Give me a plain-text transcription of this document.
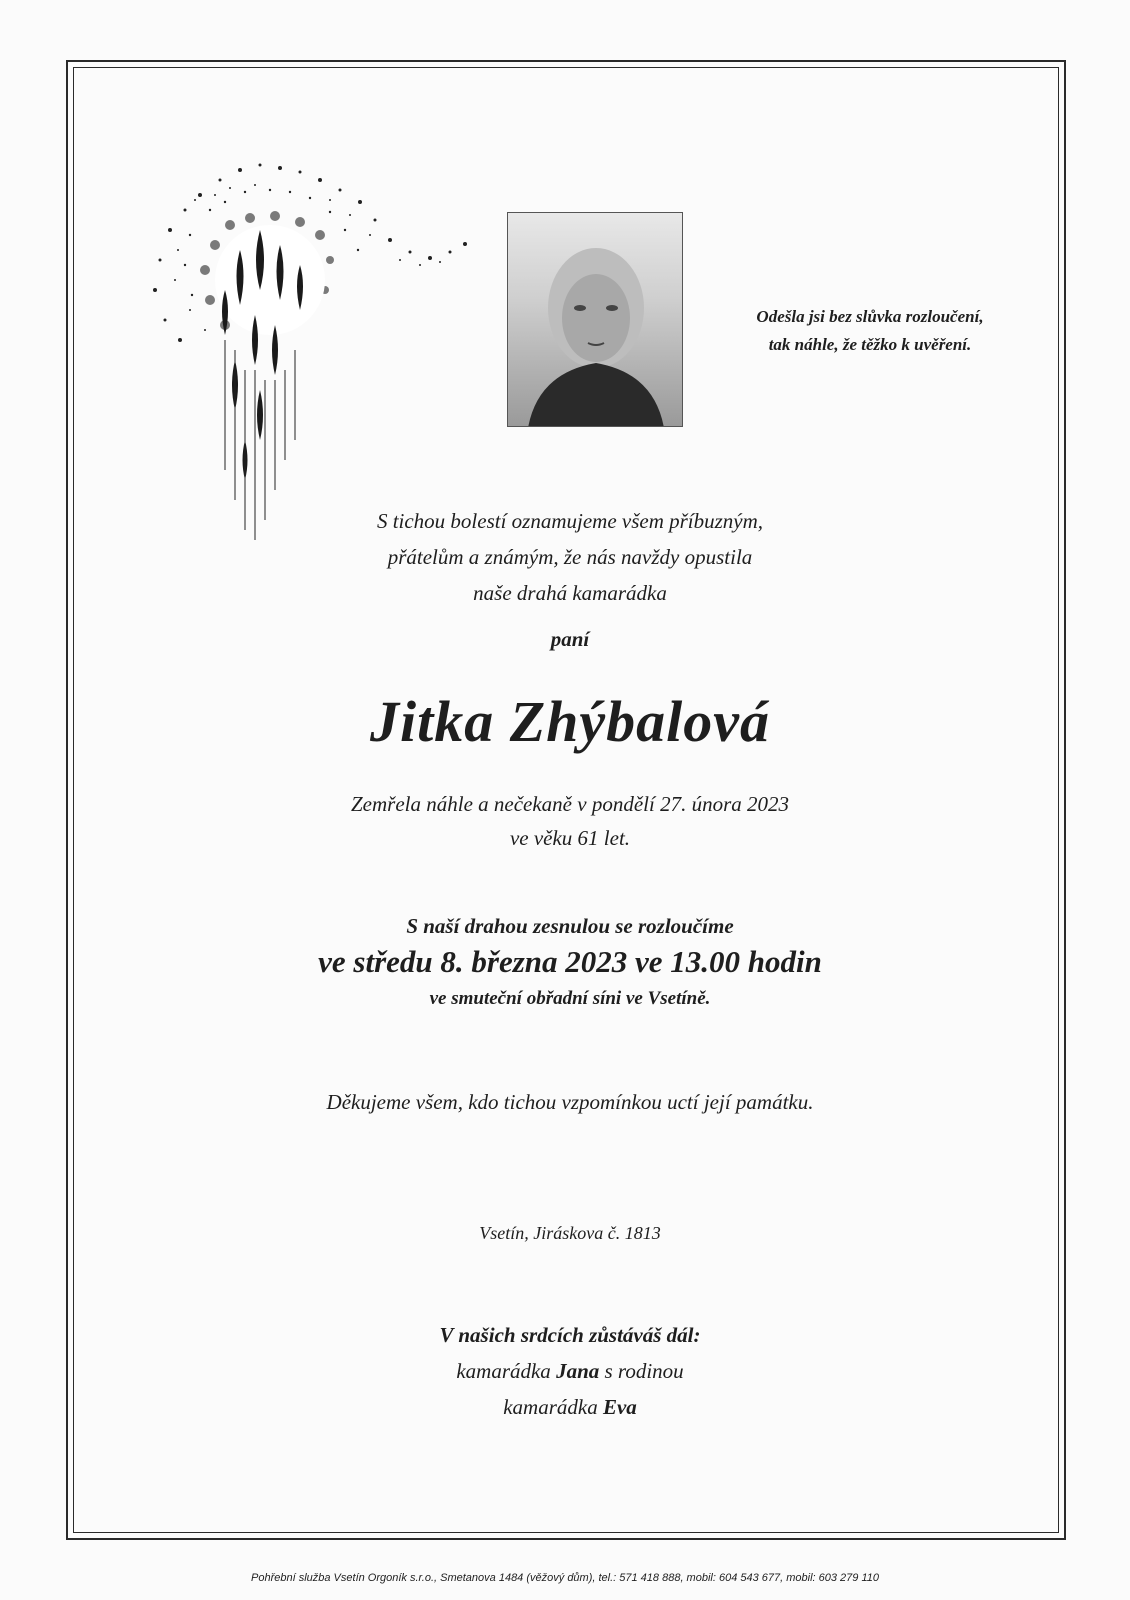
Odešla jsi bez slůvka rozloučení,
tak náhle, že těžko k uvěření.
S tichou bolestí oznamujeme všem příbuzným,
přátelům a známým, že nás navždy opustila
naše drahá kamarádka
paní
Jitka Zhýbalová
Zemřela náhle a nečekaně v pondělí 27. února 2023
ve věku 61 let.
S naší drahou zesnulou se rozloučíme
ve středu 8. března 2023 ve 13.00 hodin
ve smuteční obřadní síni ve Vsetíně.
Děkujeme všem, kdo tichou vzpomínkou uctí její památku.
Vsetín, Jiráskova č. 1813
V našich srdcích zůstáváš dál:
kamarádka Jana s rodinou
kamarádka Eva
Pohřební služba Vsetín Orgoník s.r.o., Smetanova 1484 (věžový dům), tel.: 571 418 888, mobil: 604 543 677, mobil: 603 279 110
